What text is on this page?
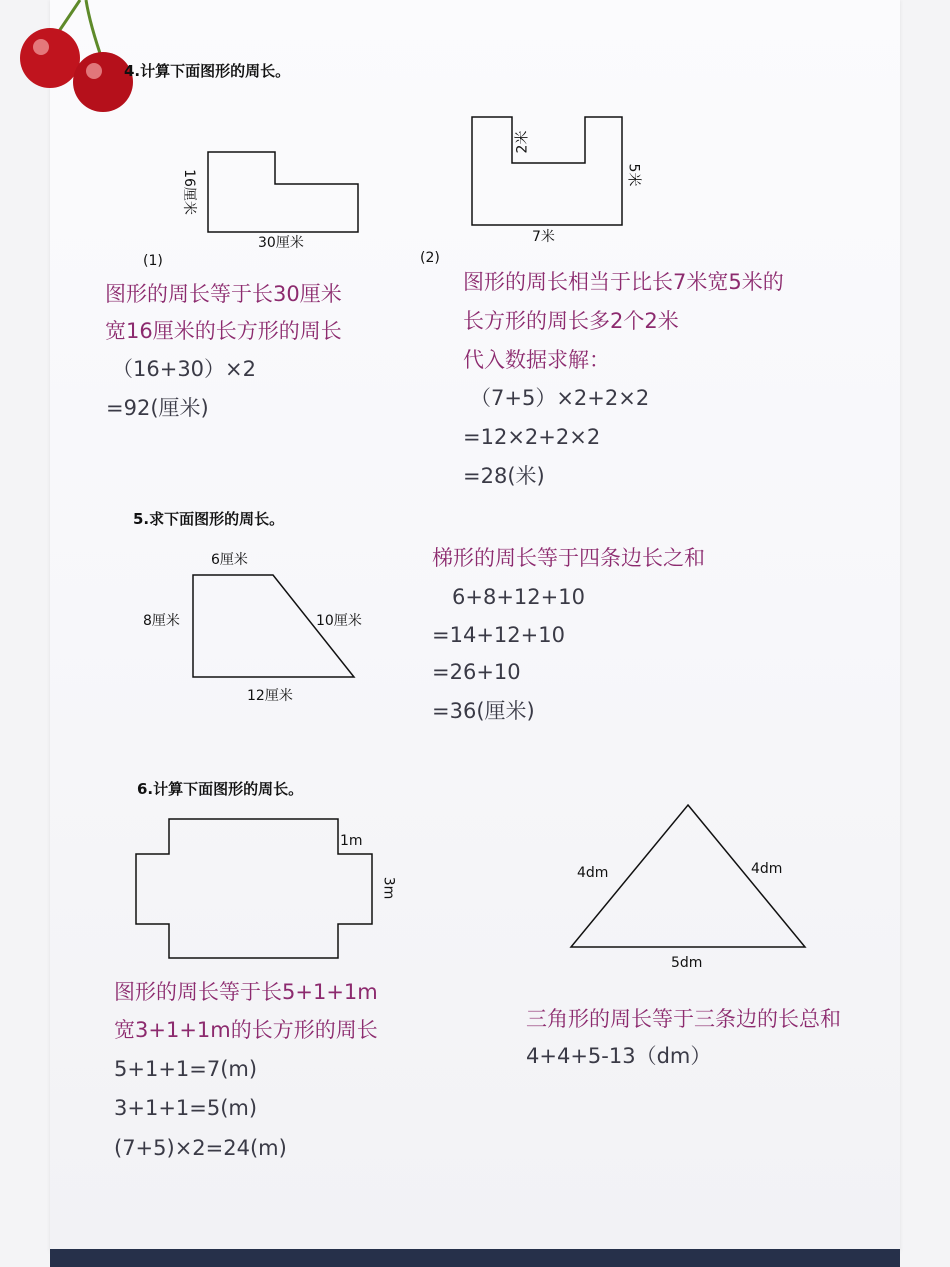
4.计算下面图形的周长。
16厘米
30厘米
(1)
2米
5米
7米
(2)
图形的周长等于长30厘米
宽16厘米的长方形的周长
（16+30）×2
=92(厘米)
图形的周长相当于比长7米宽5米的
长方形的周长多2个2米
代入数据求解：
（7+5）×2+2×2
=12×2+2×2
=28(米)
5.求下面图形的周长。
6厘米
8厘米	10厘米
12厘米
梯形的周长等于四条边长之和
6+8+12+10
=14+12+10
=26+10
=36(厘米)
6.计算下面图形的周长。
1m
3m
图形的周长等于长5+1+1m
宽3+1+1m的长方形的周长
5+1+1=7(m)
3+1+1=5(m)
(7+5)×2=24(m)
4dm	4dm
5dm
三角形的周长等于三条边的长总和
4+4+5-13（dm）
